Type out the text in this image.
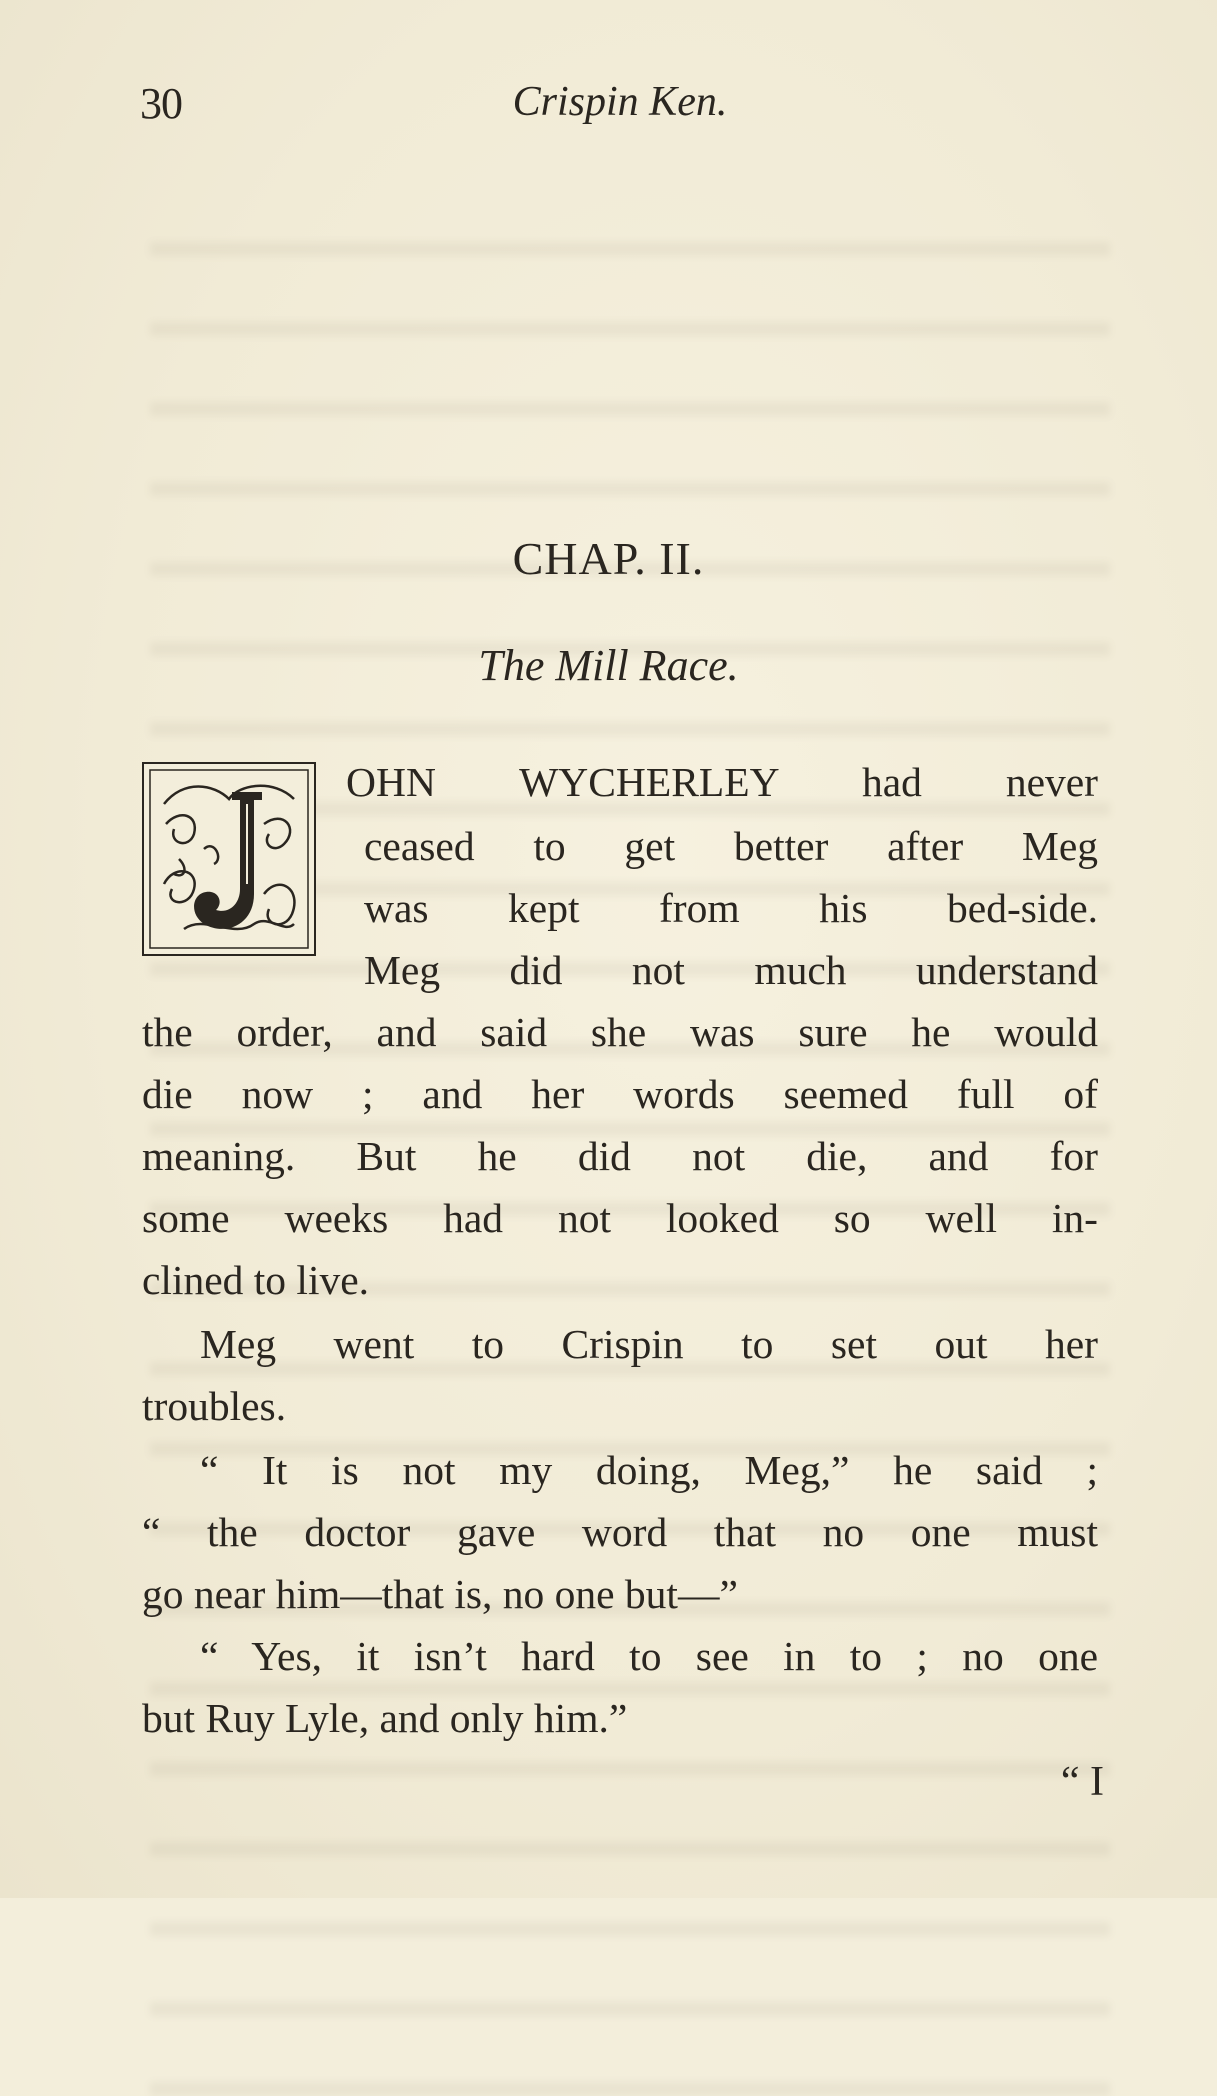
30	Crispin Ken.
CHAP. II.
The Mill Race.
OHN WYCHERLEY had never
ceased to get better after Meg
was kept from his bed-side.
Meg did not much understand
the order, and said she was sure he would
die now ; and her words seemed full of
meaning. But he did not die, and for
some weeks had not looked so well in-
clined to live.
Meg went to Crispin to set out her
troubles.
“ It is not my doing, Meg,” he said ;
“ the doctor gave word that no one must
go near him—that is, no one but—”
“ Yes, it isn’t hard to see in to ; no one
but Ruy Lyle, and only him.”
“ I
